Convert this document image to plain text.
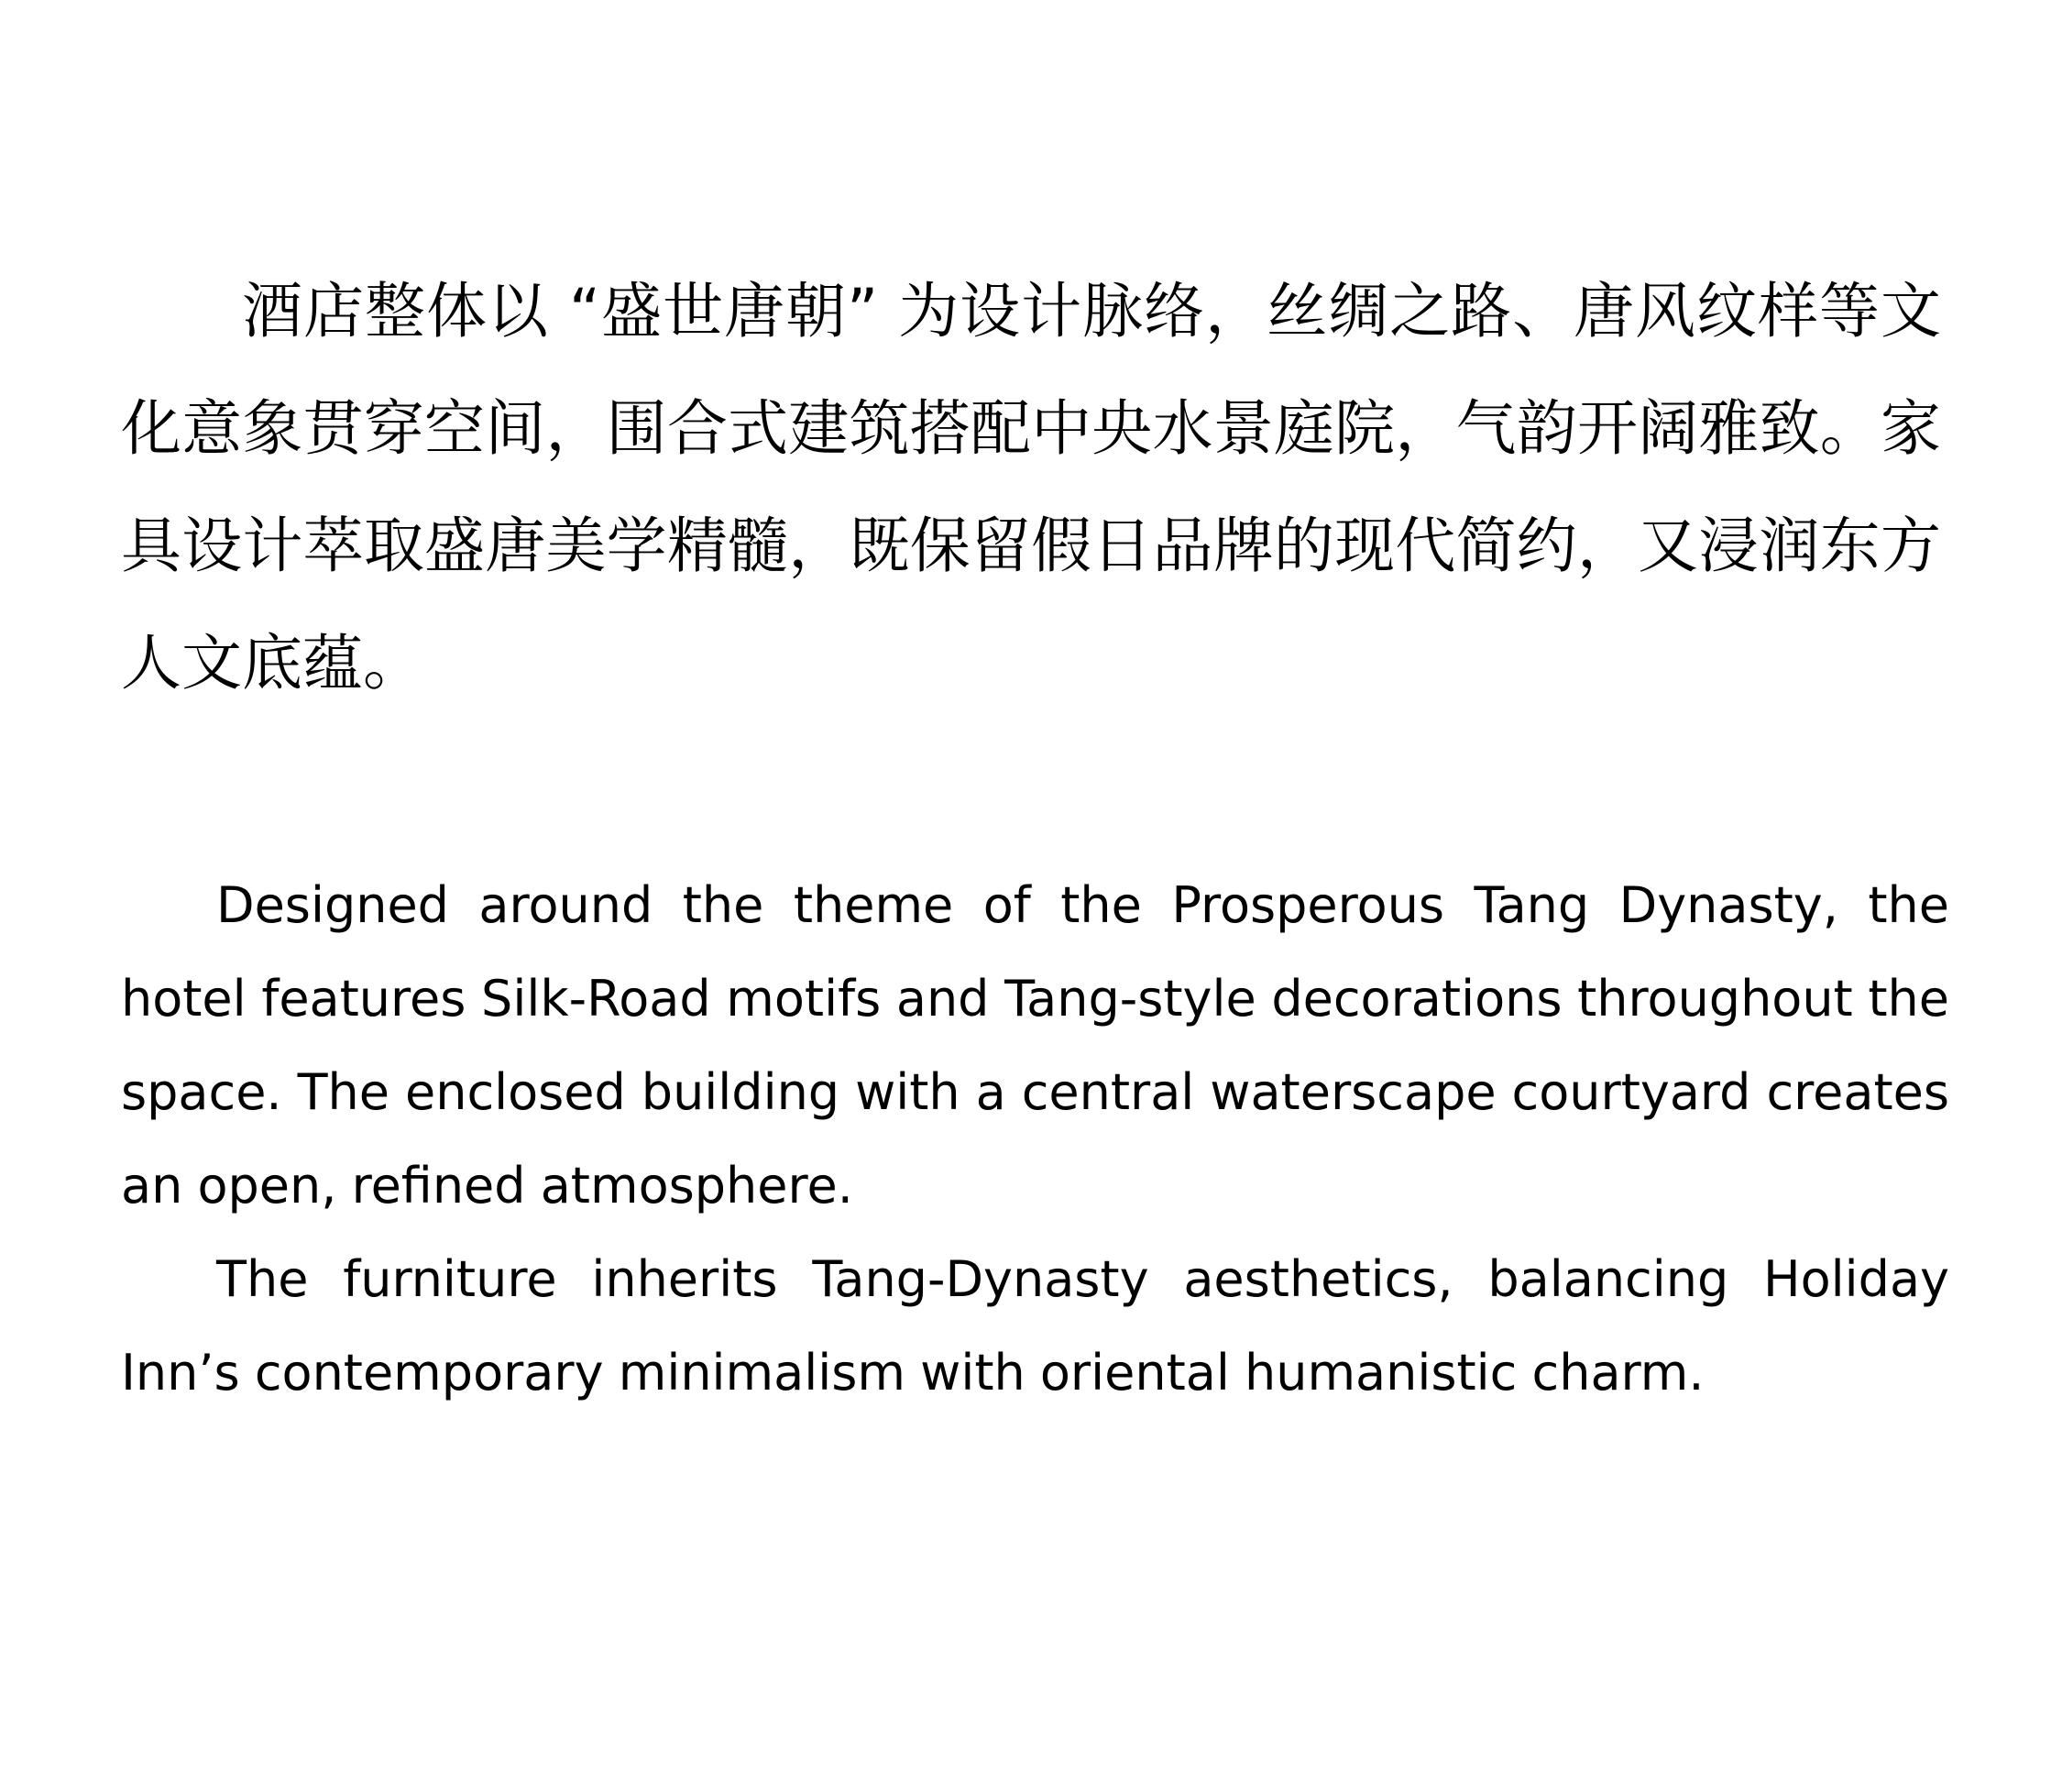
酒店整体以 “盛世唐朝” 为设计脉络，丝绸之路、唐风纹样等文化意象贯穿空间，围合式建筑搭配中央水景庭院，气韵开阔雅致。家具设计萃取盛唐美学精髓，既保留假日品牌的现代简约，又浸润东方人文底蕴。

Designed around the theme of the Prosperous Tang Dynasty, the hotel features Silk-Road motifs and Tang-style decorations throughout the space. The enclosed building with a central waterscape courtyard creates an open, refined atmosphere.

The furniture inherits Tang-Dynasty aesthetics, balancing Holiday Inn’s contemporary minimalism with oriental humanistic charm.
